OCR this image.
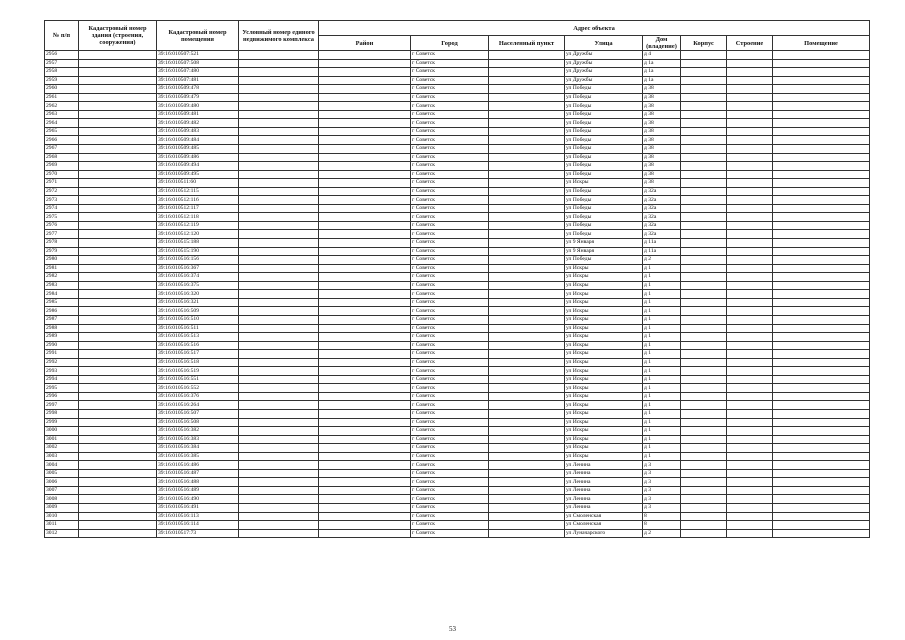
№ п/п	Кадастровый номер здания (строения, сооружения)	Кадастровый номер помещения	Условный номер единого недвижимого комплекса	Адрес объекта							
				Район	Город	Населенный пункт	Улица	Дом (владение)	Корпус	Строение	Помещение
2956		39:16:010507:521			г Советск		ул Дружбы	д 4			
2957		39:16:010507:508			г Советск		ул Дружбы	д 1а			
2958		39:16:010507:480			г Советск		ул Дружбы	д 1а			
2959		39:16:010507:481			г Советск		ул Дружбы	д 1а			
2960		39:16:010509:478			г Советск		ул Победы	д 38			
2961		39:16:010509:479			г Советск		ул Победы	д 38			
2962		39:16:010509:480			г Советск		ул Победы	д 38			
2963		39:16:010509:481			г Советск		ул Победы	д 38			
2964		39:16:010509:482			г Советск		ул Победы	д 38			
2965		39:16:010509:483			г Советск		ул Победы	д 38			
2966		39:16:010509:484			г Советск		ул Победы	д 38			
2967		39:16:010509:485			г Советск		ул Победы	д 38			
2968		39:16:010509:486			г Советск		ул Победы	д 38			
2969		39:16:010509:494			г Советск		ул Победы	д 38			
2970		39:16:010509:495			г Советск		ул Победы	д 38			
2971		39:16:010511:60			г Советск		ул Искры	д 38			
2972		39:16:010512:115			г Советск		ул Победы	д 32а			
2973		39:16:010512:116			г Советск		ул Победы	д 32а			
2974		39:16:010512:117			г Советск		ул Победы	д 32а			
2975		39:16:010512:118			г Советск		ул Победы	д 32а			
2976		39:16:010512:119			г Советск		ул Победы	д 32а			
2977		39:16:010512:120			г Советск		ул Победы	д 32а			
2978		39:16:010515:188			г Советск		ул 9 Января	д 11а			
2979		39:16:010515:190			г Советск		ул 9 Января	д 11а			
2980		39:16:010516:156			г Советск		ул Победы	д 2			
2981		39:16:010516:367			г Советск		ул Искры	д 1			
2982		39:16:010516:374			г Советск		ул Искры	д 1			
2983		39:16:010516:375			г Советск		ул Искры	д 1			
2984		39:16:010516:320			г Советск		ул Искры	д 1			
2985		39:16:010516:321			г Советск		ул Искры	д 1			
2986		39:16:010516:509			г Советск		ул Искры	д 1			
2987		39:16:010516:510			г Советск		ул Искры	д 1			
2988		39:16:010516:511			г Советск		ул Искры	д 1			
2989		39:16:010516:513			г Советск		ул Искры	д 1			
2990		39:16:010516:516			г Советск		ул Искры	д 1			
2991		39:16:010516:517			г Советск		ул Искры	д 1			
2992		39:16:010516:518			г Советск		ул Искры	д 1			
2993		39:16:010516:519			г Советск		ул Искры	д 1			
2994		39:16:010516:551			г Советск		ул Искры	д 1			
2995		39:16:010516:552			г Советск		ул Искры	д 1			
2996		39:16:010516:376			г Советск		ул Искры	д 1			
2997		39:16:010516:264			г Советск		ул Искры	д 1			
2998		39:16:010516:507			г Советск		ул Искры	д 1			
2999		39:16:010516:508			г Советск		ул Искры	д 1			
3000		39:16:010516:382			г Советск		ул Искры	д 1			
3001		39:16:010516:383			г Советск		ул Искры	д 1			
3002		39:16:010516:384			г Советск		ул Искры	д 1			
3003		39:16:010516:385			г Советск		ул Искры	д 1			
3004		39:16:010516:486			г Советск		ул Ленина	д 3			
3005		39:16:010516:487			г Советск		ул Ленина	д 3			
3006		39:16:010516:488			г Советск		ул Ленина	д 3			
3007		39:16:010516:489			г Советск		ул Ленина	д 3			
3008		39:16:010516:490			г Советск		ул Ленина	д 3			
3009		39:16:010516:491			г Советск		ул Ленина	д 3			
3010		39:16:010516:113			г Советск		ул Смоленская	8			
3011		39:16:010516:114			г Советск		ул Смоленская	8			
3012		39:16:010517:73			г Советск		ул Луначарского	д 2			
53
